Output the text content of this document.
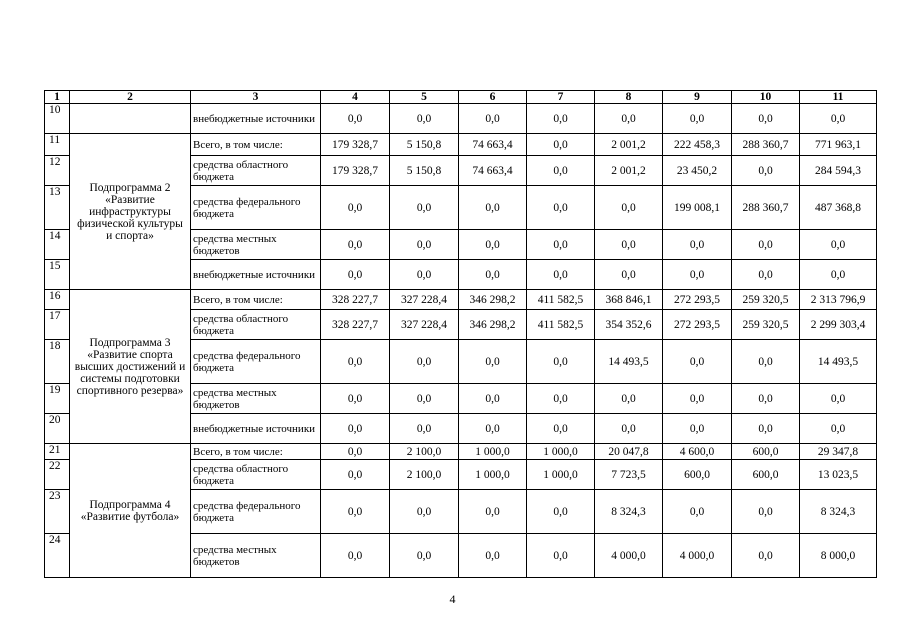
1	2	3	4	5	6	7	8	9	10	11
10		внебюджетные источники	0,0	0,0	0,0	0,0	0,0	0,0	0,0	0,0
11	Подпрограмма 2 «Развитие инфраструктуры физической культуры и спорта»	Всего, в том числе:	179 328,7	5 150,8	74 663,4	0,0	2 001,2	222 458,3	288 360,7	771 963,1
12		средства областного бюджета	179 328,7	5 150,8	74 663,4	0,0	2 001,2	23 450,2	0,0	284 594,3
13		средства федерального бюджета	0,0	0,0	0,0	0,0	0,0	199 008,1	288 360,7	487 368,8
14		средства местных бюджетов	0,0	0,0	0,0	0,0	0,0	0,0	0,0	0,0
15		внебюджетные источники	0,0	0,0	0,0	0,0	0,0	0,0	0,0	0,0
16	Подпрограмма 3 «Развитие спорта высших достижений и системы подготовки спортивного резерва»	Всего, в том числе:	328 227,7	327 228,4	346 298,2	411 582,5	368 846,1	272 293,5	259 320,5	2 313 796,9
17		средства областного бюджета	328 227,7	327 228,4	346 298,2	411 582,5	354 352,6	272 293,5	259 320,5	2 299 303,4
18		средства федерального бюджета	0,0	0,0	0,0	0,0	14 493,5	0,0	0,0	14 493,5
19		средства местных бюджетов	0,0	0,0	0,0	0,0	0,0	0,0	0,0	0,0
20		внебюджетные источники	0,0	0,0	0,0	0,0	0,0	0,0	0,0	0,0
21	Подпрограмма 4 «Развитие футбола»	Всего, в том числе:	0,0	2 100,0	1 000,0	1 000,0	20 047,8	4 600,0	600,0	29 347,8
22		средства областного бюджета	0,0	2 100,0	1 000,0	1 000,0	7 723,5	600,0	600,0	13 023,5
23		средства федерального бюджета	0,0	0,0	0,0	0,0	8 324,3	0,0	0,0	8 324,3
24		средства местных бюджетов	0,0	0,0	0,0	0,0	4 000,0	4 000,0	0,0	8 000,0
4
